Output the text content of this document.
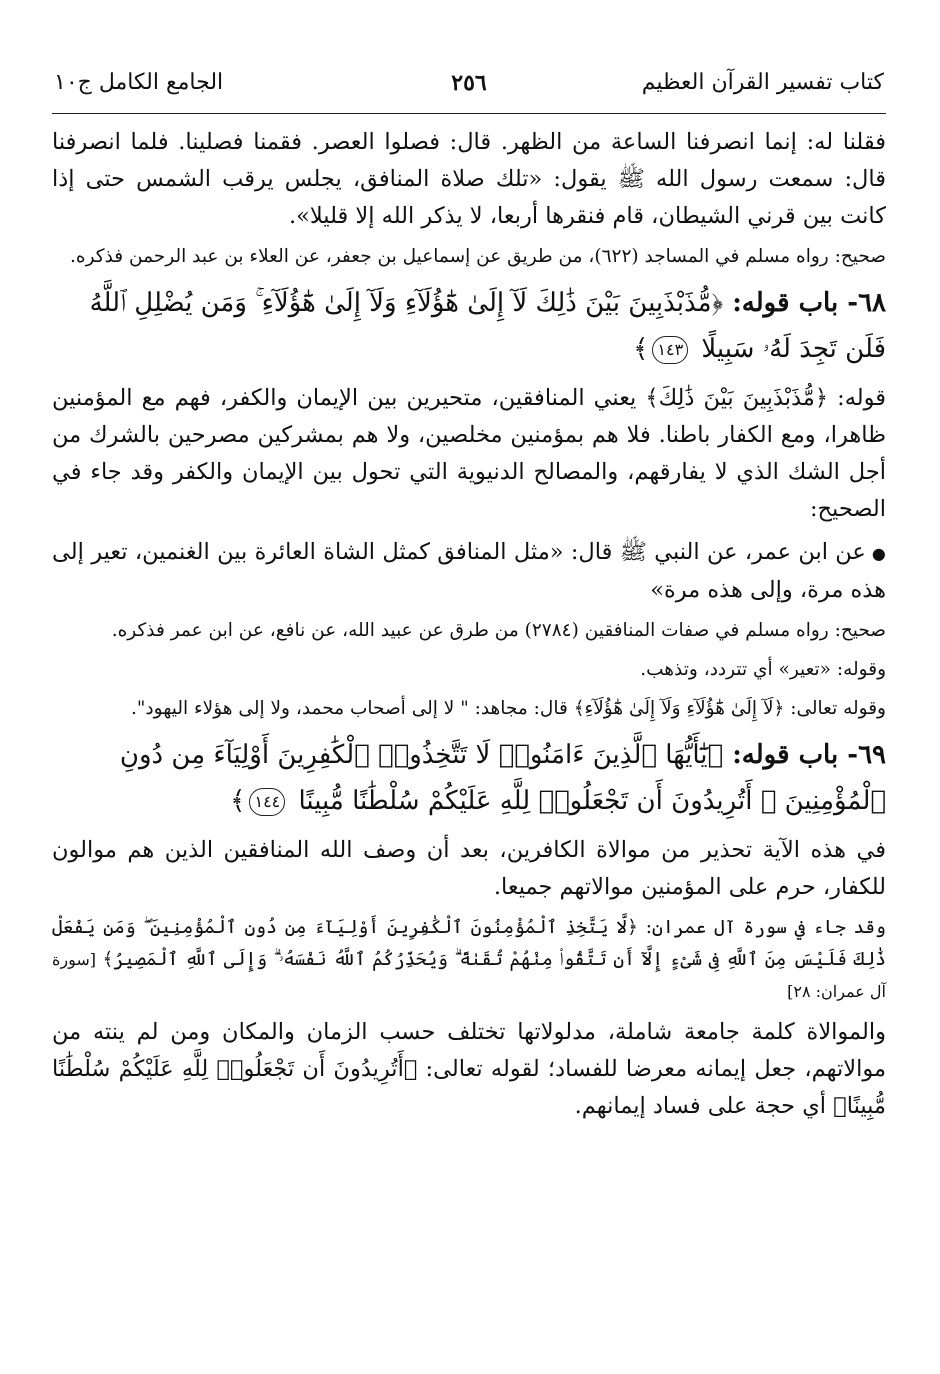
كتاب تفسير القرآن العظيم
٢٥٦
الجامع الكامل ج١٠

فقلنا له: إنما انصرفنا الساعة من الظهر. قال: فصلوا العصر. فقمنا فصلينا. فلما انصرفنا قال: سمعت رسول الله ﷺ يقول: «تلك صلاة المنافق، يجلس يرقب الشمس حتى إذا كانت بين قرني الشيطان، قام فنقرها أربعا، لا يذكر الله إلا قليلا».

صحيح: رواه مسلم في المساجد (٦٢٢)، من طريق عن إسماعيل بن جعفر، عن العلاء بن عبد الرحمن فذكره.

٦٨- باب قوله: ﴿مُّذَبْذَبِينَ بَيْنَ ذَٰلِكَ لَآ إِلَىٰ هَٰٓؤُلَآءِ وَلَآ إِلَىٰ هَٰٓؤُلَآءِ ۚ وَمَن يُضْلِلِ ٱللَّهُ فَلَن تَجِدَ لَهُۥ سَبِيلًا ١٤٣﴾

قوله: ﴿مُّذَبْذَبِينَ بَيْنَ ذَٰلِكَ﴾ يعني المنافقين، متحيرين بين الإيمان والكفر، فهم مع المؤمنين ظاهرا، ومع الكفار باطنا. فلا هم بمؤمنين مخلصين، ولا هم بمشركين مصرحين بالشرك من أجل الشك الذي لا يفارقهم، والمصالح الدنيوية التي تحول بين الإيمان والكفر وقد جاء في الصحيح:

●عن ابن عمر، عن النبي ﷺ قال: «مثل المنافق كمثل الشاة العائرة بين الغنمين، تعير إلى هذه مرة، وإلى هذه مرة»

صحيح: رواه مسلم في صفات المنافقين (٢٧٨٤) من طرق عن عبيد الله، عن نافع، عن ابن عمر فذكره.

وقوله: «تعير» أي تتردد، وتذهب.

وقوله تعالى: ﴿لَآ إِلَىٰ هَٰٓؤُلَآءِ وَلَآ إِلَىٰ هَٰٓؤُلَآءِ﴾ قال: مجاهد: " لا إلى أصحاب محمد، ولا إلى هؤلاء اليهود".

٦٩- باب قوله: ﴿يَٰٓأَيُّهَا ٱلَّذِينَ ءَامَنُوا۟ لَا تَتَّخِذُوا۟ ٱلْكَٰفِرِينَ أَوْلِيَآءَ مِن دُونِ ٱلْمُؤْمِنِينَ ۚ أَتُرِيدُونَ أَن تَجْعَلُوا۟ لِلَّهِ عَلَيْكُمْ سُلْطَٰنًا مُّبِينًا ١٤٤﴾

في هذه الآية تحذير من موالاة الكافرين، بعد أن وصف الله المنافقين الذين هم موالون للكفار، حرم على المؤمنين موالاتهم جميعا.

وقد جاء في سورة آل عمران: ﴿لَّا يَتَّخِذِ ٱلْمُؤْمِنُونَ ٱلْكَٰفِرِينَ أَوْلِيَآءَ مِن دُونِ ٱلْمُؤْمِنِينَ ۖ وَمَن يَفْعَلْ ذَٰلِكَ فَلَيْسَ مِنَ ٱللَّهِ فِى شَىْءٍ إِلَّآ أَن تَتَّقُوا۟ مِنْهُمْ تُقَىٰةً ۗ وَيُحَذِّرُكُمُ ٱللَّهُ نَفْسَهُۥ ۗ وَإِلَى ٱللَّهِ ٱلْمَصِيرُ﴾ [سورة آل عمران: ٢٨]

والموالاة كلمة جامعة شاملة، مدلولاتها تختلف حسب الزمان والمكان ومن لم ينته من موالاتهم، جعل إيمانه معرضا للفساد؛ لقوله تعالى: ﴿أَتُرِيدُونَ أَن تَجْعَلُوا۟ لِلَّهِ عَلَيْكُمْ سُلْطَٰنًا مُّبِينًا﴾ أي حجة على فساد إيمانهم.
